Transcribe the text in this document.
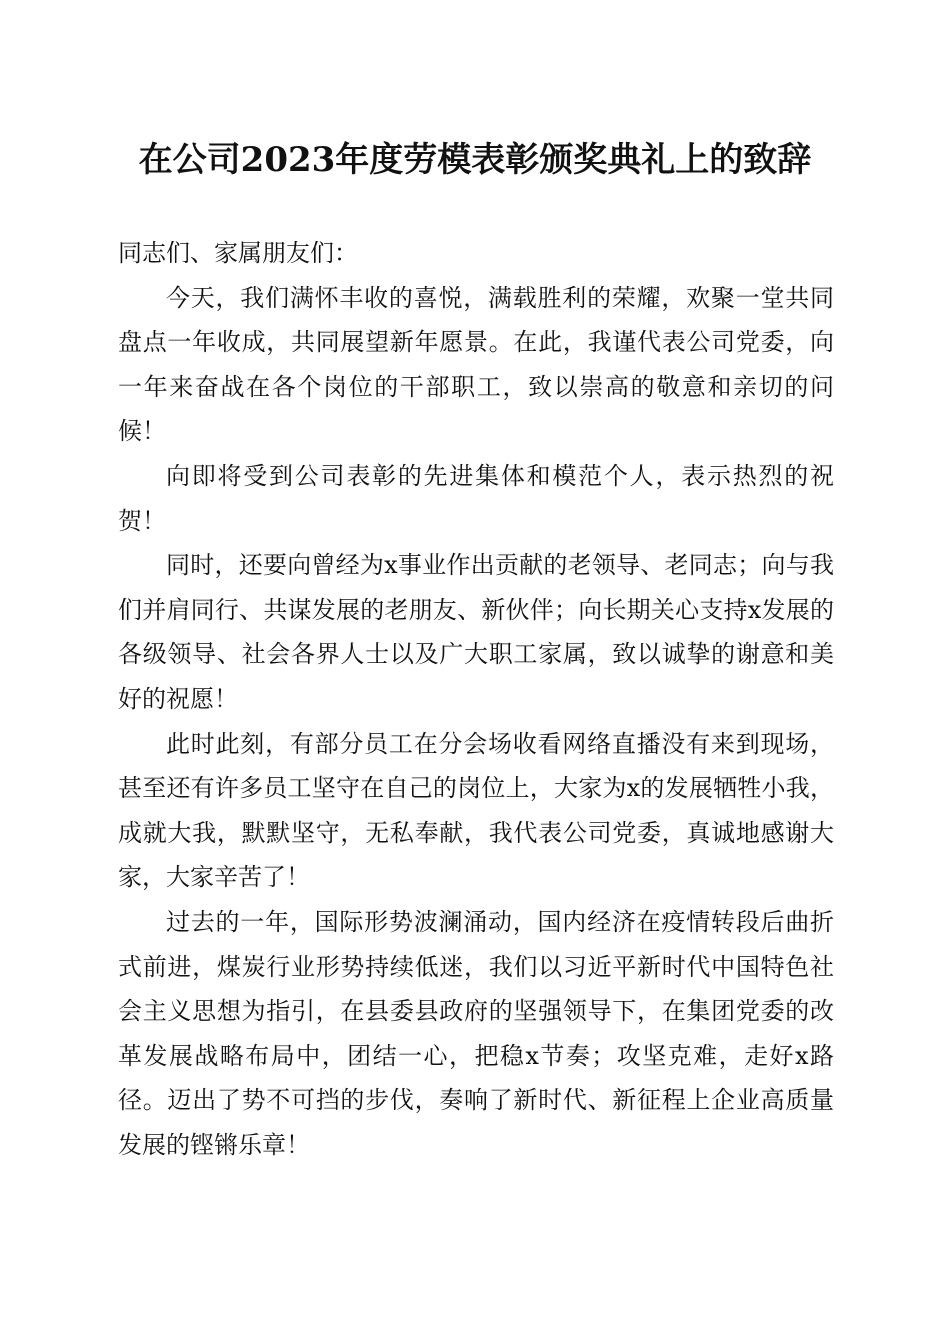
在公司2023年度劳模表彰颁奖典礼上的致辞

同志们、家属朋友们：

今天，我们满怀丰收的喜悦，满载胜利的荣耀，欢聚一堂共同盘点一年收成，共同展望新年愿景。在此，我谨代表公司党委，向一年来奋战在各个岗位的干部职工，致以崇高的敬意和亲切的问候！

向即将受到公司表彰的先进集体和模范个人，表示热烈的祝贺！

同时，还要向曾经为x事业作出贡献的老领导、老同志；向与我们并肩同行、共谋发展的老朋友、新伙伴；向长期关心支持x发展的各级领导、社会各界人士以及广大职工家属，致以诚挚的谢意和美好的祝愿！

此时此刻，有部分员工在分会场收看网络直播没有来到现场，甚至还有许多员工坚守在自己的岗位上，大家为x的发展牺牲小我，成就大我，默默坚守，无私奉献，我代表公司党委，真诚地感谢大家，大家辛苦了！

过去的一年，国际形势波澜涌动，国内经济在疫情转段后曲折式前进，煤炭行业形势持续低迷，我们以习近平新时代中国特色社会主义思想为指引，在县委县政府的坚强领导下，在集团党委的改革发展战略布局中，团结一心，把稳x节奏；攻坚克难，走好x路径。迈出了势不可挡的步伐，奏响了新时代、新征程上企业高质量发展的铿锵乐章！
